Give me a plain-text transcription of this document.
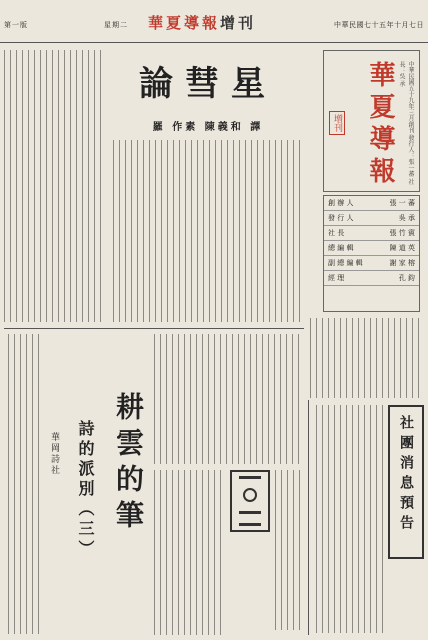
第一版	星期二 華夏導報增刊	中華民國七十五年十月七日
論彗星
羅 作素 陳義和 譯	華夏導報	中華民國五十九年三月創刊 發行人：張一蕃 社長：吳 承
增刊
創 辦 人	張 一 蕃
發 行 人	吳 承
社 長	張 竹 賓
總 編 輯	陳 道 英
副 總 編 輯	謝 家 榕
經 理	孔 鈞
耕雲的筆
詩的派別（三）
華岡詩社	社團消息預告
